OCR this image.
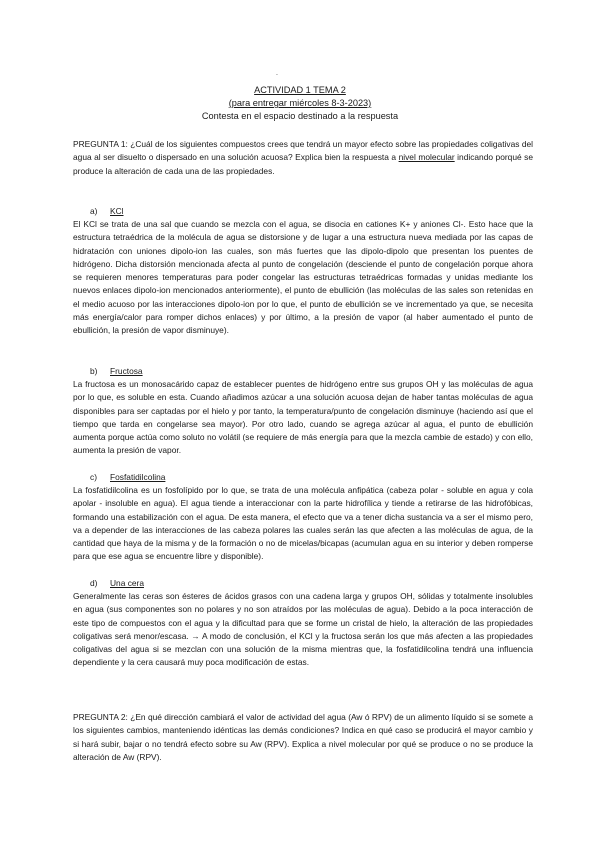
.
ACTIVIDAD 1 TEMA 2
(para entregar miércoles 8-3-2023)
Contesta en el espacio destinado a la respuesta

PREGUNTA 1: ¿Cuál de los siguientes compuestos crees que tendrá un mayor efecto sobre las propiedades coligativas del agua al ser disuelto o dispersado en una solución acuosa? Explica bien la respuesta a nivel molecular indicando porqué se produce la alteración de cada una de las propiedades.

a) KCl

El KCl se trata de una sal que cuando se mezcla con el agua, se disocia en cationes K+ y aniones Cl-. Esto hace que la estructura tetraédrica de la molécula de agua se distorsione y de lugar a una estructura nueva mediada por las capas de hidratación con uniones dipolo-ion las cuales, son más fuertes que las dipolo-dipolo que presentan los puentes de hidrógeno. Dicha distorsión mencionada afecta al punto de congelación (desciende el punto de congelación porque ahora se requieren menores temperaturas para poder congelar las estructuras tetraédricas formadas y unidas mediante los nuevos enlaces dipolo-ion mencionados anteriormente), el punto de ebullición (las moléculas de las sales son retenidas en el medio acuoso por las interacciones dipolo-ion por lo que, el punto de ebullición se ve incrementado ya que, se necesita más energía/calor para romper dichos enlaces) y por último, a la presión de vapor (al haber aumentado el punto de ebullición, la presión de vapor disminuye).

b) Fructosa

La fructosa es un monosacárido capaz de establecer puentes de hidrógeno entre sus grupos OH y las moléculas de agua por lo que, es soluble en esta. Cuando añadimos azúcar a una solución acuosa dejan de haber tantas moléculas de agua disponibles para ser captadas por el hielo y por tanto, la temperatura/punto de congelación disminuye (haciendo así que el tiempo que tarda en congelarse sea mayor). Por otro lado, cuando se agrega azúcar al agua, el punto de ebullición aumenta porque actúa como soluto no volátil (se requiere de más energía para que la mezcla cambie de estado) y con ello, aumenta la presión de vapor.

c) Fosfatidilcolina

La fosfatidilcolina es un fosfolípido por lo que, se trata de una molécula anfipática (cabeza polar - soluble en agua y cola apolar - insoluble en agua). El agua tiende a interaccionar con la parte hidrofílica y tiende a retirarse de las hidrofóbicas, formando una estabilización con el agua. De esta manera, el efecto que va a tener dicha sustancia va a ser el mismo pero, va a depender de las interacciones de las cabeza polares las cuales serán las que afecten a las moléculas de agua, de la cantidad que haya de la misma y de la formación o no de micelas/bicapas (acumulan agua en su interior y deben romperse para que ese agua se encuentre libre y disponible).

d) Una cera

Generalmente las ceras son ésteres de ácidos grasos con una cadena larga y grupos OH, sólidas y totalmente insolubles en agua (sus componentes son no polares y no son atraídos por las moléculas de agua). Debido a la poca interacción de este tipo de compuestos con el agua y la dificultad para que se forme un cristal de hielo, la alteración de las propiedades coligativas será menor/escasa. → A modo de conclusión, el KCl y la fructosa serán los que más afecten a las propiedades coligativas del agua si se mezclan con una solución de la misma mientras que, la fosfatidilcolina tendrá una influencia dependiente y la cera causará muy poca modificación de estas.

PREGUNTA 2: ¿En qué dirección cambiará el valor de actividad del agua (Aw ó RPV) de un alimento líquido si se somete a los siguientes cambios, manteniendo idénticas las demás condiciones? Indica en qué caso se producirá el mayor cambio y si hará subir, bajar o no tendrá efecto sobre su Aw (RPV). Explica a nivel molecular por qué se produce o no se produce la alteración de Aw (RPV).
